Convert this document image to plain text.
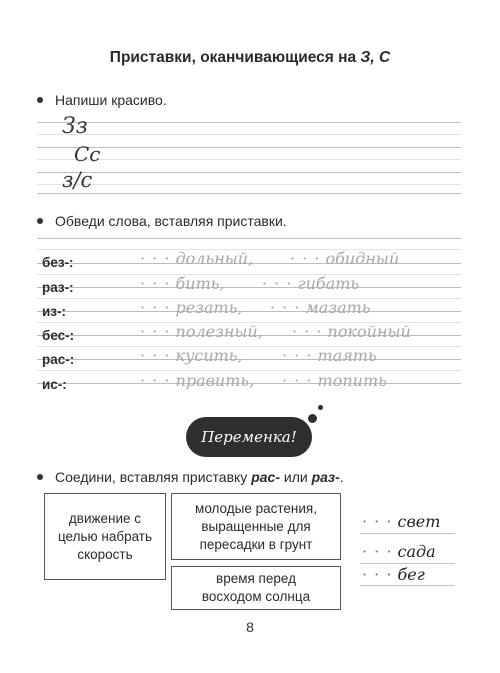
Приставки, оканчивающиеся на З, С
Напиши красиво.
Зз
Сс
з/с
Обведи слова, вставляя приставки.
без-:	· · · дольный, · · · обидный
раз-:	· · · бить, · · · гибать
из-:	· · · резать, · · · мазать
бес-:	· · · полезный, · · · покойный
рас-:	· · · кусить, · · · таять
ис-:	· · · править, · · · топить
Переменка!
Соедини, вставляя приставку рас- или раз-.
движение с целью набрать скорость
молодые растения, выращенные для пересадки в грунт
время перед восходом солнца
· · · свет
· · · сада
· · · бег
8
